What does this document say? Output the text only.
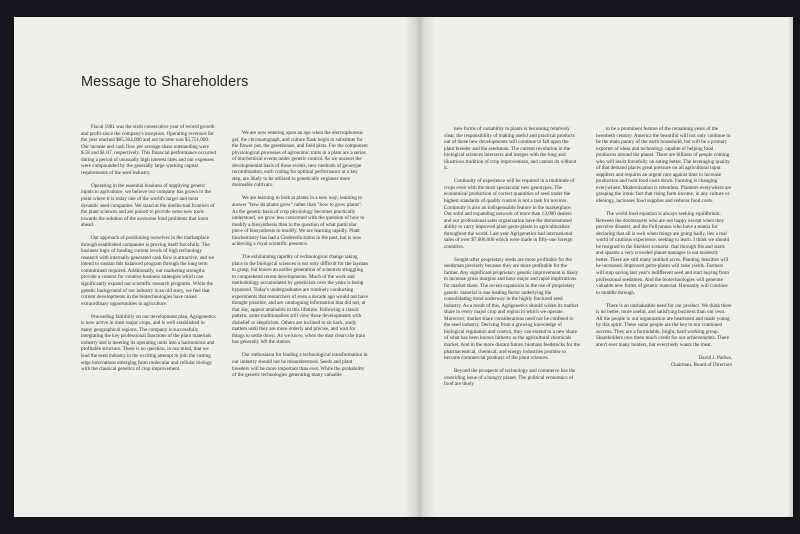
Message to Shareholders

Fiscal 1981 was the sixth consecutive year of record growth and profit since the company's inception. Operating revenues for the year reached $85,364,000 and net income was $3,751,000. Our income and cash flow per average share outstanding were $.58 and $1.07, respectively. This financial performance occurred during a period of unusually high interest rates and our expenses were compounded by the generally large working capital requirements of the seed industry.

Operating in the essential business of supplying genetic inputs to agriculture, we believe our company has grown to the point where it is today one of the world's larger and most dynamic seed companies. We stand at the intellectual frontiers of the plant sciences and are poised to provide some new tools towards the solution of the awesome food problems that loom ahead.

Our approach of positioning ourselves in the marketplace through established companies is proving itself forcefully. The business logic of funding current levels of high technology research with internally generated cash flow is attractive, and we intend to sustain this balanced program through the long term commitment required. Additionally, our marketing strengths provide a context for creative business strategies which can significantly expand our scientific research programs. While the genetic background of our industry is an old story, we feel that current developments in the biotechnologies have raised extraordinary opportunities in agriculture.

Proceeding faithfully on our development plan, Agrigenetics is now active in most major crops, and is well established in many geographical regions. The company is successfully integrating the key professional functions of the plant materials industry and is meeting its operating units into a harmonious and profitable structure. There is no question, in our mind, that we lead the seed industry in the exciting attempt to join the cutting edge innovations emerging from molecular and cellular biology with the classical genetics of crop improvement.

We are now entering upon an age when the electrophoresis gel, the chromatograph, and culture flask begin to substitute for the flower pot, the greenhouse, and field plots. For the component physiological processes of agronomic traits in a plant are a series of biochemical events under genetic control. As we unravel the developmental basis of these events, new methods of genotype recombination, each coding for optimal performance at a key step, are likely to be utilized to genetically engineer more desireable cultivars.

We are learning to look at plants in a new way; learning to answer "how do plants grow" rather than "how to grow plants". As the genetic basis of crop physiology becomes practically understood, we grow less concerned with the question of how to modify a biosynthesis than in the question of what particular piece of biosynthesis to modify. We are learning rapidly. Plant biochemistry has had a Cinderella status in the past, but is now achieving a royal scientific presence.

The exhilarating rapidity of technological change taking place in the biological sciences is not only difficult for the layman to grasp, but leaves an earlier generation of scientists struggling to comprehend recent developments. Much of the work and methodology accumulated by geneticists over the years is being bypassed. Today's undergraduates are routinely conducting experiments that researchers of even a decade ago would not have thought possible, and are cataloguing information that did not, at that day, appear attainable in this lifetime. Following a classic pattern, some traditionalists still view these developments with disbelief or skepticism. Others are inclined to sit back, study matters until they are more orderly and precise, and wait for things to settle down. As we know, when the dust clears the train has generally left the station.

Our enthusiasm for leading a technological transformation in our industry should not be misunderstood. Seeds and plant breeders will be more important than ever. While the probability of the genetic technologies generating many valuable

new forms of variability in plants is becoming relatively clear, the responsibility of making useful and practical products out of these new developments will continue to fall upon the plant breeder and the seedsman. The current revolution in the biological sciences intersects and merges with the long and illustrious tradition of crop improvement, and cannot do without it.

Continuity of experience will be required in a multitude of crops even with the most spectacular new genotypes. The economical production of correct quantities of seed under the highest standards of quality control is not a task for novices. Continuity is also an indispensable feature in the marketplace. Our solid and expanding network of more than 13,000 dealers and our professional sales organization have the demonstrated ability to carry improved plant germ-plasm to agriculturalists throughout the world. Last year Agrigenetics had international sales of over $7,000,000 which were made in fifty-one foreign countries.

Sought-after proprietary seeds are more profitable for the seedsman precisely because they are more profitable for the farmer. Any significant proprietary genetic improvement is likely to increase gross margins and have major and rapid implications for market share. The recent expansion in the use of proprietary genetic material is one leading factor underlying the consolidating trend underway in the highly fractured seed industry. As a result of this, Agrigenetics should widen its market share in every major crop and region in which we operate. Moreover, market share considerations need not be confined to the seed industry. Deriving from a growing knowledge of biological regulation and control, they can extend to a new share of what has been known hitherto as the agricultural chemicals market. And in the more distant future, biomass feedstocks for the pharmaceutical, chemical, and energy industries promise to become commercial products of the plant sciences.

Beyond the prospects of technology and commerce lies the overriding issue of a hungry planet. The political economics of food are likely

to be a prominent feature of the remaining years of the twentieth century. America the beautiful will not only continue to be the main pantry of the earth household, but will be a primary exporter of ideas and technology capable of helping food producers around the planet. There are billions of people coming who will insist forcefully on eating better. The leveraging quality of that demand places great pressure on all agricultural input suppliers and requires an urgent race against time to increase production and hold food costs down. Farming is changing everywhere. Modernization is relentless. Planners everywhere are grasping the ironic fact that rising farm income, in any culture or ideology, increases food supplies and reduces food costs.

The world food equation is always seeking equilibrium. Between the doomsayers who are not happy except when they perceive disaster, and the Pollyannas who have a mania for declaring that all is well when things are going badly, lies a real world of cautious experience, seeking to learn. I think we should be resigned to the likeliest scenario: that through fits and starts and spasms a very crowded planet manages to eat modestly better. There are still many untilled acres. Planting densities will be increased. Improved germ-plasm will raise yields. Farmers will stop saving last year's indifferent seed and start buying from professional seedsmen. And the biotechnologies will generate valuable new forms of genetic material. Humanity will continue to muddle through.

There is an unshakeable need for our product. We think there is no better, more useful, and satisfying business than our own. All the people in our organization are heartened and made young by this spirit. These same people are the key to our continued success. They are a formidable, bright, hard working group. Shareholders owe them much credit for our achievements. There aren't ever many hunters, but everybody wants the meat.

David J. Padwa,
Chairman, Board of Directors
